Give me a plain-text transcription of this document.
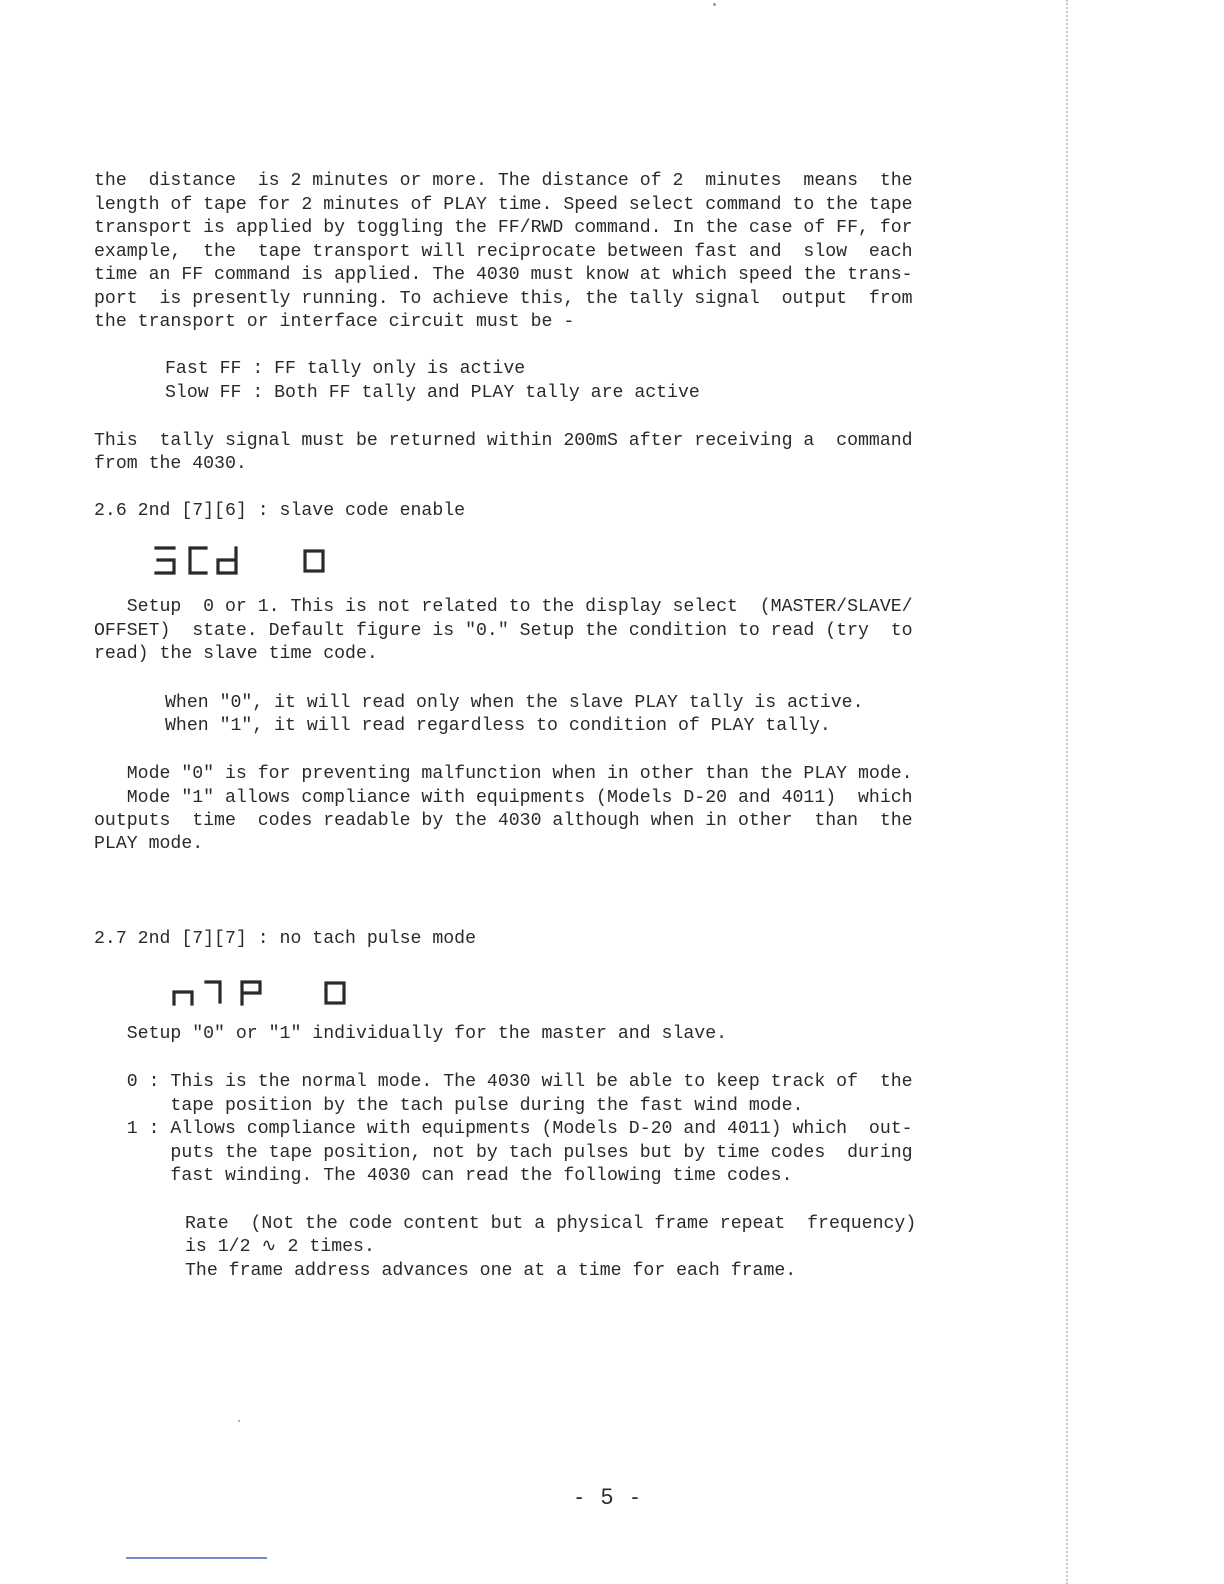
the  distance  is 2 minutes or more. The distance of 2  minutes  means  the
length of tape for 2 minutes of PLAY time. Speed select command to the tape
transport is applied by toggling the FF/RWD command. In the case of FF, for
example,  the  tape transport will reciprocate between fast and  slow  each
time an FF command is applied. The 4030 must know at which speed the trans-
port  is presently running. To achieve this, the tally signal  output  from
the transport or interface circuit must be -
Fast FF : FF tally only is active
Slow FF : Both FF tally and PLAY tally are active
This  tally signal must be returned within 200mS after receiving a  command
from the 4030.
2.6 2nd [7][6] : slave code enable
Setup  0 or 1. This is not related to the display select  (MASTER/SLAVE/
OFFSET)  state. Default figure is "0." Setup the condition to read (try  to
read) the slave time code.
When "0", it will read only when the slave PLAY tally is active.
When "1", it will read regardless to condition of PLAY tally.
Mode "0" is for preventing malfunction when in other than the PLAY mode.
Mode "1" allows compliance with equipments (Models D-20 and 4011)  which
outputs  time  codes readable by the 4030 although when in other  than  the
PLAY mode.
2.7 2nd [7][7] : no tach pulse mode
Setup "0" or "1" individually for the master and slave.
0 : This is the normal mode. The 4030 will be able to keep track of  the
tape position by the tach pulse during the fast wind mode.
1 : Allows compliance with equipments (Models D-20 and 4011) which  out-
puts the tape position, not by tach pulses but by time codes  during
fast winding. The 4030 can read the following time codes.
Rate  (Not the code content but a physical frame repeat  frequency)
is 1/2 ∿ 2 times.
The frame address advances one at a time for each frame.
- 5 -
